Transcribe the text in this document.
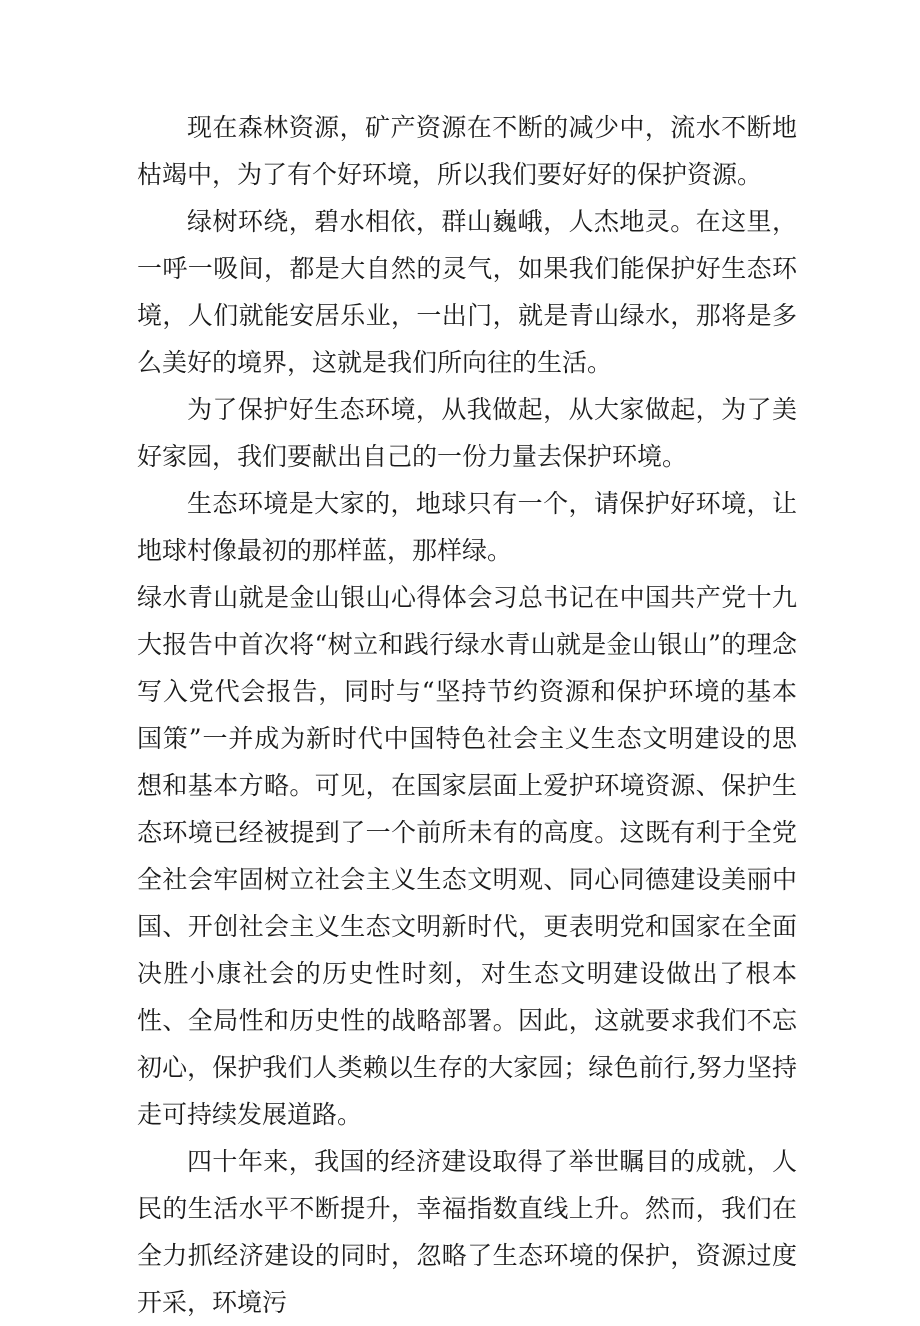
现在森林资源，矿产资源在不断的减少中，流水不断地枯竭中，为了有个好环境，所以我们要好好的保护资源。

绿树环绕，碧水相依，群山巍峨，人杰地灵。在这里，一呼一吸间，都是大自然的灵气，如果我们能保护好生态环境，人们就能安居乐业，一出门，就是青山绿水，那将是多么美好的境界，这就是我们所向往的生活。

为了保护好生态环境，从我做起，从大家做起，为了美好家园，我们要献出自己的一份力量去保护环境。

生态环境是大家的，地球只有一个，请保护好环境，让地球村像最初的那样蓝，那样绿。

绿水青山就是金山银山心得体会习总书记在中国共产党十九大报告中首次将“树立和践行绿水青山就是金山银山”的理念写入党代会报告，同时与“坚持节约资源和保护环境的基本国策”一并成为新时代中国特色社会主义生态文明建设的思想和基本方略。可见，在国家层面上爱护环境资源、保护生态环境已经被提到了一个前所未有的高度。这既有利于全党全社会牢固树立社会主义生态文明观、同心同德建设美丽中国、开创社会主义生态文明新时代，更表明党和国家在全面决胜小康社会的历史性时刻，对生态文明建设做出了根本性、全局性和历史性的战略部署。因此，这就要求我们不忘初心，保护我们人类赖以生存的大家园；绿色前行,努力坚持走可持续发展道路。

四十年来，我国的经济建设取得了举世瞩目的成就，人民的生活水平不断提升，幸福指数直线上升。然而，我们在全力抓经济建设的同时，忽略了生态环境的保护，资源过度开采，环境污
